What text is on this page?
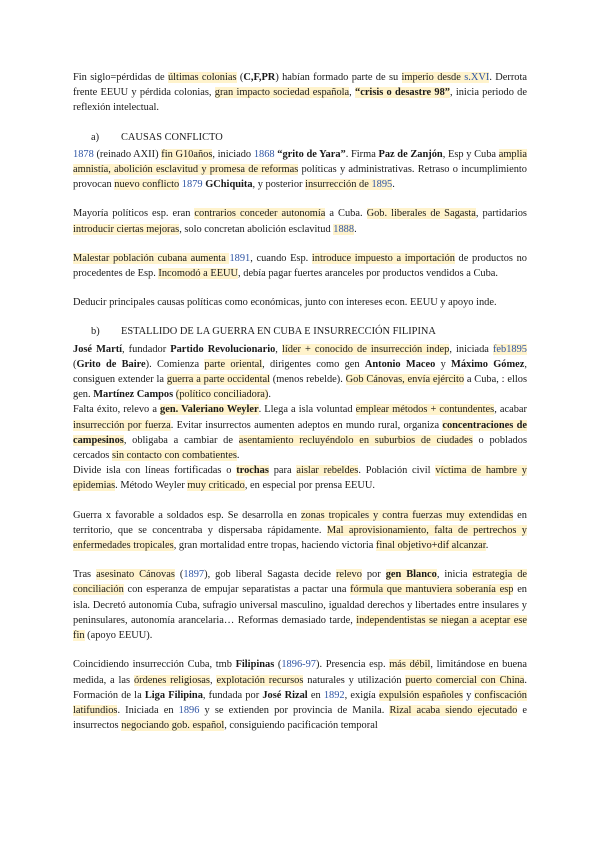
Fin siglo=pérdidas de últimas colonias (C,F,PR) habían formado parte de su imperio desde s.XVI. Derrota frente EEUU y pérdida colonias, gran impacto sociedad española, “crisis o desastre 98”, inicia periodo de reflexión intelectual.

a) CAUSAS CONFLICTO

1878 (reinado AXII) fin G10años, iniciado 1868 “grito de Yara”. Firma Paz de Zanjón, Esp y Cuba amplia amnistía, abolición esclavitud y promesa de reformas políticas y administrativas. Retraso o incumplimiento provocan nuevo conflicto 1879 GChiquita, y posterior insurrección de 1895.

Mayoría políticos esp. eran contrarios conceder autonomía a Cuba. Gob. liberales de Sagasta, partidarios introducir ciertas mejoras, solo concretan abolición esclavitud 1888.

Malestar población cubana aumenta 1891, cuando Esp. introduce impuesto a importación de productos no procedentes de Esp. Incomodó a EEUU, debía pagar fuertes aranceles por productos vendidos a Cuba.

Deducir principales causas políticas como económicas, junto con intereses econ. EEUU y apoyo inde.

b) ESTALLIDO DE LA GUERRA EN CUBA E INSURRECCIÓN FILIPINA

José Martí, fundador Partido Revolucionario, líder + conocido de insurrección indep, iniciada feb1895 (Grito de Baire). Comienza parte oriental, dirigentes como gen Antonio Maceo y Máximo Gómez, consiguen extender la guerra a parte occidental (menos rebelde). Gob Cánovas, envía ejército a Cuba, : ellos gen. Martínez Campos (político conciliadora).

Falta éxito, relevo a gen. Valeriano Weyler. Llega a isla voluntad emplear métodos + contundentes, acabar insurrección por fuerza. Evitar insurrectos aumenten adeptos en mundo rural, organiza concentraciones de campesinos, obligaba a cambiar de asentamiento recluyéndolo en suburbios de ciudades o poblados cercados sin contacto con combatientes.

Divide isla con líneas fortificadas o trochas para aislar rebeldes. Población civil víctima de hambre y epidemias. Método Weyler muy criticado, en especial por prensa EEUU.

Guerra x favorable a soldados esp. Se desarrolla en zonas tropicales y contra fuerzas muy extendidas en territorio, que se concentraba y dispersaba rápidamente. Mal aprovisionamiento, falta de pertrechos y enfermedades tropicales, gran mortalidad entre tropas, haciendo victoria final objetivo+dif alcanzar.

Tras asesinato Cánovas (1897), gob liberal Sagasta decide relevo por gen Blanco, inicia estrategia de conciliación con esperanza de empujar separatistas a pactar una fórmula que mantuviera soberanía esp en isla. Decretó autonomía Cuba, sufragio universal masculino, igualdad derechos y libertades entre insulares y peninsulares, autonomía arancelaria… Reformas demasiado tarde, independentistas se niegan a aceptar ese fin (apoyo EEUU).

Coincidiendo insurrección Cuba, tmb Filipinas (1896-97). Presencia esp. más débil, limitándose en buena medida, a las órdenes religiosas, explotación recursos naturales y utilización puerto comercial con China. Formación de la Liga Filipina, fundada por José Rizal en 1892, exigía expulsión españoles y confiscación latifundios. Iniciada en 1896 y se extienden por provincia de Manila. Rizal acaba siendo ejecutado e insurrectos negociando gob. español, consiguiendo pacificación temporal
